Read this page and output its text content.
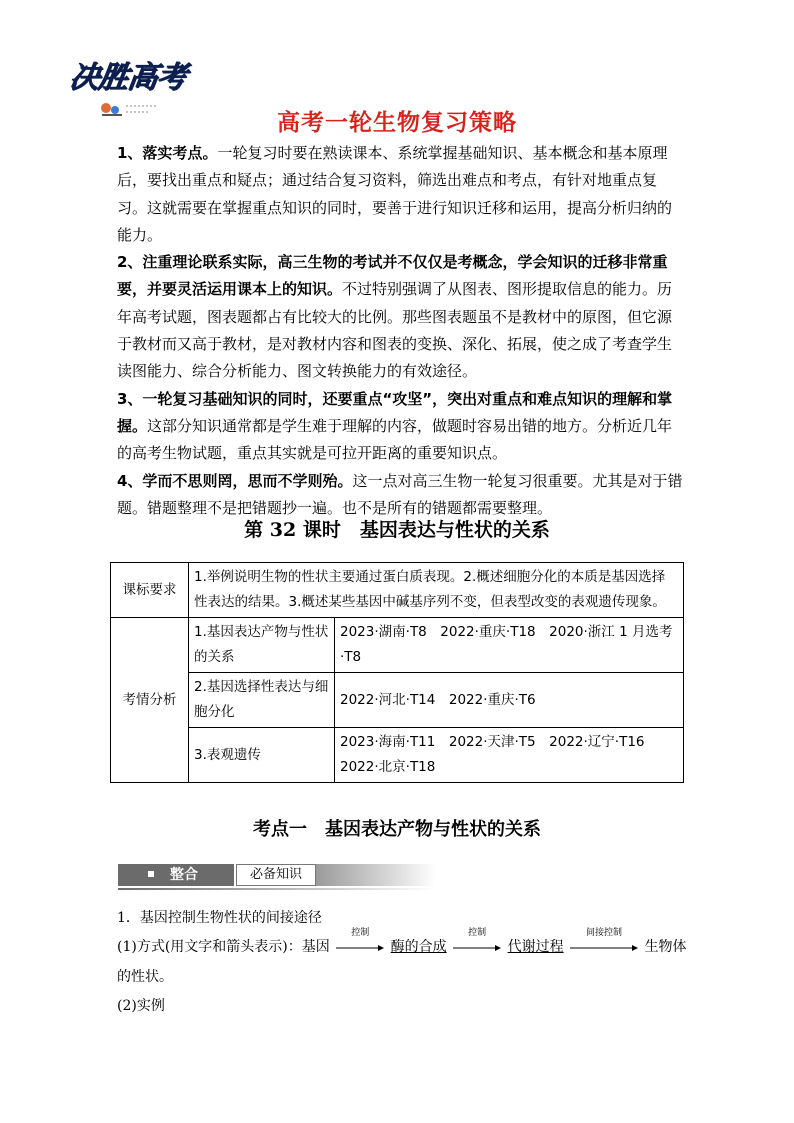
决胜高考
高考一轮生物复习策略

1、落实考点。一轮复习时要在熟读课本、系统掌握基础知识、基本概念和基本原理后，要找出重点和疑点；通过结合复习资料，筛选出难点和考点，有针对地重点复习。这就需要在掌握重点知识的同时，要善于进行知识迁移和运用，提高分析归纳的能力。

2、注重理论联系实际，高三生物的考试并不仅仅是考概念，学会知识的迁移非常重要，并要灵活运用课本上的知识。不过特别强调了从图表、图形提取信息的能力。历年高考试题，图表题都占有比较大的比例。那些图表题虽不是教材中的原图，但它源于教材而又高于教材，是对教材内容和图表的变换、深化、拓展，使之成了考查学生读图能力、综合分析能力、图文转换能力的有效途径。

3、一轮复习基础知识的同时，还要重点“攻坚”，突出对重点和难点知识的理解和掌握。这部分知识通常都是学生难于理解的内容，做题时容易出错的地方。分析近几年的高考生物试题，重点其实就是可拉开距离的重要知识点。

4、学而不思则罔，思而不学则殆。这一点对高三生物一轮复习很重要。尤其是对于错题。错题整理不是把错题抄一遍。也不是所有的错题都需要整理。

第 32 课时　基因表达与性状的关系
课标要求	1.举例说明生物的性状主要通过蛋白质表现。2.概述细胞分化的本质是基因选择性表达的结果。3.概述某些基因中碱基序列不变，但表型改变的表观遗传现象。	
考情分析	1.基因表达产物与性状的关系	2023·湖南·T8　2022·重庆·T18　2020·浙江 1 月选考·T8
	2.基因选择性表达与细胞分化	2022·河北·T14　2022·重庆·T6
	3.表观遗传	2023·海南·T11　2022·天津·T5　2022·辽宁·T16　2022·北京·T18
考点一　基因表达产物与性状的关系
整合	必备知识
1．基因控制生物性状的间接途径
(1)方式(用文字和箭头表示)：基因
控制
酶的合成
控制
代谢过程
间接控制
生物体的性状。
(2)实例
